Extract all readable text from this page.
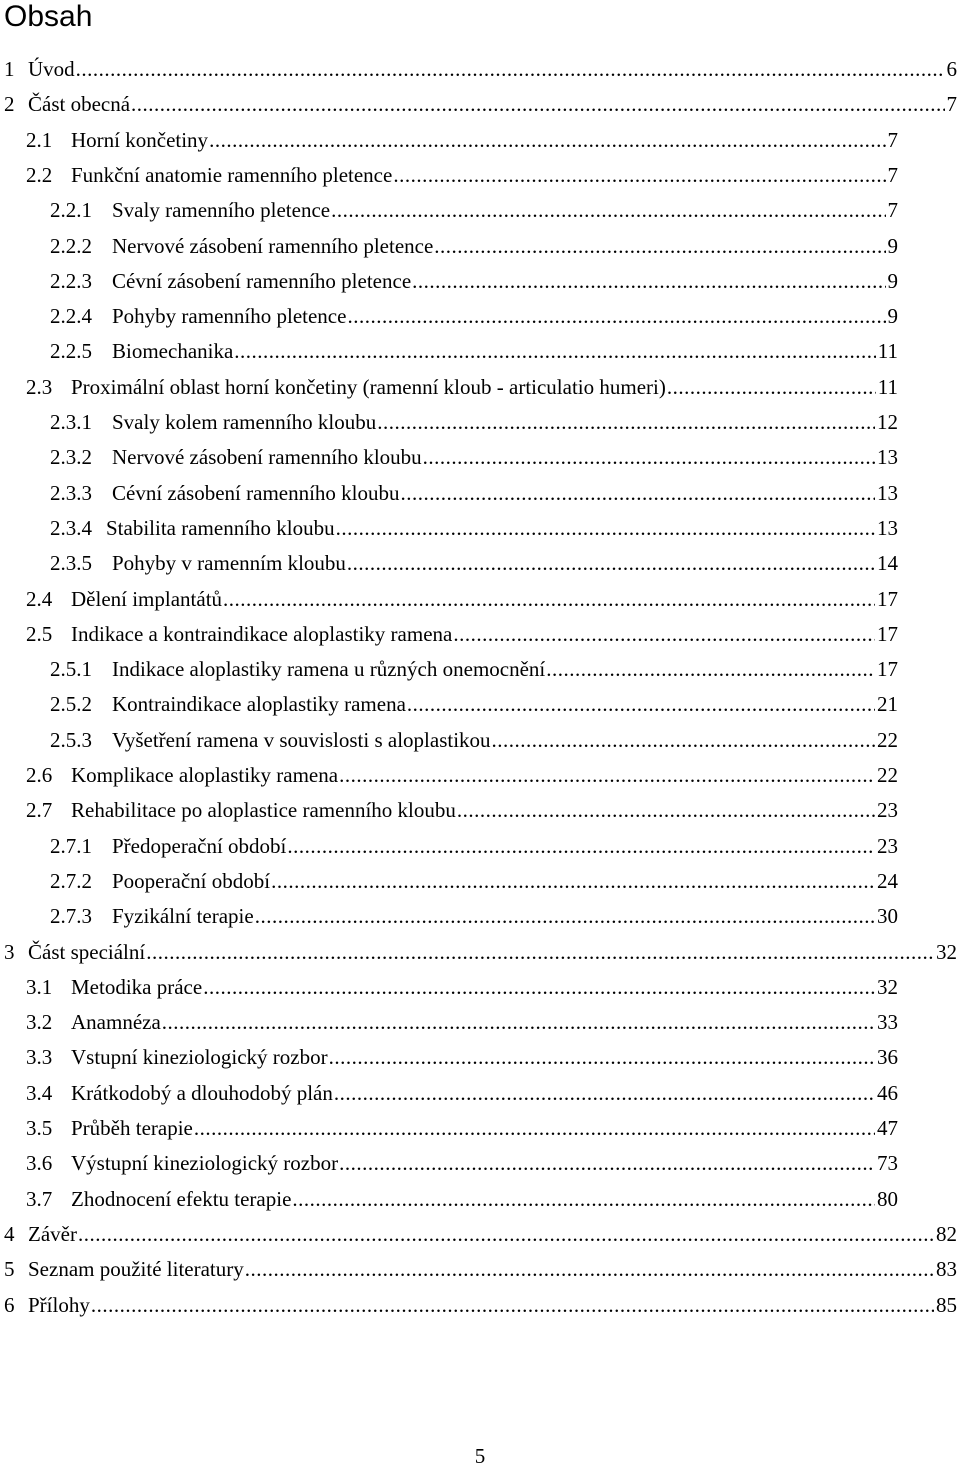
Obsah
1 Úvod .....	6
2 Část obecná .....	7
2.1 Horní končetiny .....	7
2.2 Funkční anatomie ramenního pletence .....	7
2.2.1 Svaly ramenního pletence .....	7
2.2.2 Nervové zásobení ramenního pletence .....	9
2.2.3 Cévní zásobení ramenního pletence .....	9
2.2.4 Pohyby ramenního pletence .....	9
2.2.5 Biomechanika .....	11
2.3 Proximální oblast horní končetiny (ramenní kloub - articulatio humeri) .....	11
2.3.1 Svaly kolem ramenního kloubu .....	12
2.3.2 Nervové zásobení ramenního kloubu .....	13
2.3.3 Cévní zásobení ramenního kloubu .....	13
2.3.4 Stabilita ramenního kloubu .....	13
2.3.5 Pohyby v ramenním kloubu .....	14
2.4 Dělení implantátů .....	17
2.5 Indikace a kontraindikace aloplastiky ramena .....	17
2.5.1 Indikace aloplastiky ramena u různých onemocnění .....	17
2.5.2 Kontraindikace aloplastiky ramena .....	21
2.5.3 Vyšetření ramena v souvislosti s aloplastikou .....	22
2.6 Komplikace aloplastiky ramena .....	22
2.7 Rehabilitace po aloplastice ramenního kloubu .....	23
2.7.1 Předoperační období .....	23
2.7.2 Pooperační období .....	24
2.7.3 Fyzikální terapie .....	30
3 Část speciální .....	32
3.1 Metodika práce .....	32
3.2 Anamnéza .....	33
3.3 Vstupní kineziologický rozbor .....	36
3.4 Krátkodobý a dlouhodobý plán .....	46
3.5 Průběh terapie .....	47
3.6 Výstupní kineziologický rozbor .....	73
3.7 Zhodnocení efektu terapie .....	80
4 Závěr .....	82
5 Seznam použité literatury .....	83
6 Přílohy .....	85
5
